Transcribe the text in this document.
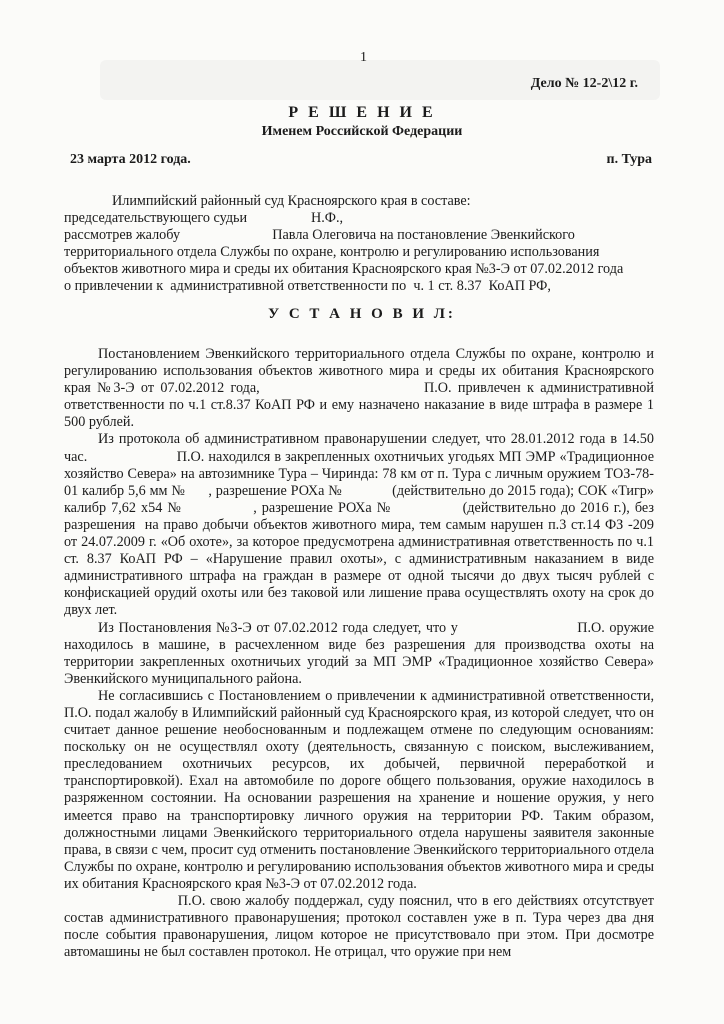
1
Дело № 12-2\12 г.
Р Е Ш Е Н И Е
Именем Российской Федерации
23 марта 2012 года.	п. Тура
Илимпийский районный суд Красноярского края в составе:
председательствующего судьи                  Н.Ф.,
рассмотрев жалобу                          Павла Олеговича на постановление Эвенкийского
территориального отдела Службы по охране, контролю и регулированию использования
объектов животного мира и среды их обитания Красноярского края №3-Э от 07.02.2012 года
о привлечении к  административной ответственности по  ч. 1 ст. 8.37  КоАП РФ,
У С Т А Н О В И Л:

Постановлением Эвенкийского территориального отдела Службы по охране, контролю и регулированию использования объектов животного мира и среды их обитания Красноярского края №3-Э от 07.02.2012 года,                          П.О. привлечен к административной ответственности по ч.1 ст.8.37 КоАП РФ и ему назначено наказание в виде штрафа в размере 1 500 рублей.

Из протокола об административном правонарушении следует, что 28.01.2012 года в 14.50 час.                      П.О. находился в закрепленных охотничьих угодьях МП ЭМР «Традиционное хозяйство Севера» на автозимнике Тура – Чиринда: 78 км от п. Тура с личным оружием ТОЗ-78-01 калибр 5,6 мм №      , разрешение РОХа №             (действительно до 2015 года); СОК «Тигр» калибр 7,62 х54 №              , разрешение РОХа №              (действительно до 2016 г.), без разрешения  на право добычи объектов животного мира, тем самым нарушен п.3 ст.14 ФЗ -209 от 24.07.2009 г. «Об охоте», за которое предусмотрена административная ответственность по ч.1 ст. 8.37 КоАП РФ – «Нарушение правил охоты», с административным наказанием в виде  административного штрафа на граждан в размере от одной тысячи до двух тысяч рублей с конфискацией орудий охоты или без таковой или лишение права осуществлять охоту на срок до двух лет.

Из Постановления №3-Э от 07.02.2012 года следует, что у                          П.О. оружие находилось в машине, в расчехленном виде без разрешения для производства охоты на территории закрепленных охотничьих угодий за МП ЭМР «Традиционное хозяйство Севера» Эвенкийского муниципального района.

Не согласившись с Постановлением о привлечении к административной ответственности,                  П.О. подал жалобу в Илимпийский районный суд Красноярского края, из которой следует, что он считает данное решение необоснованным и подлежащем отмене по следующим основаниям: поскольку он не осуществлял охоту (деятельность, связанную с поиском, выслеживанием, преследованием охотничьих ресурсов, их добычей, первичной переработкой и транспортировкой). Ехал на автомобиле по дороге общего пользования, оружие находилось в разряженном состоянии. На основании разрешения на хранение и ношение оружия, у него имеется право на транспортировку личного оружия на территории РФ. Таким образом, должностными лицами Эвенкийского территориального отдела нарушены заявителя законные права, в связи с чем, просит суд отменить постановление Эвенкийского территориального отдела Службы по охране, контролю и регулированию использования объектов животного мира и среды их обитания Красноярского края №3-Э от 07.02.2012 года.

П.О. свою жалобу поддержал, суду пояснил, что в его действиях отсутствует состав административного правонарушения; протокол составлен уже в п. Тура через два дня после события правонарушения, лицом которое не присутствовало при этом. При досмотре автомашины не был составлен протокол. Не отрицал, что оружие при нем
